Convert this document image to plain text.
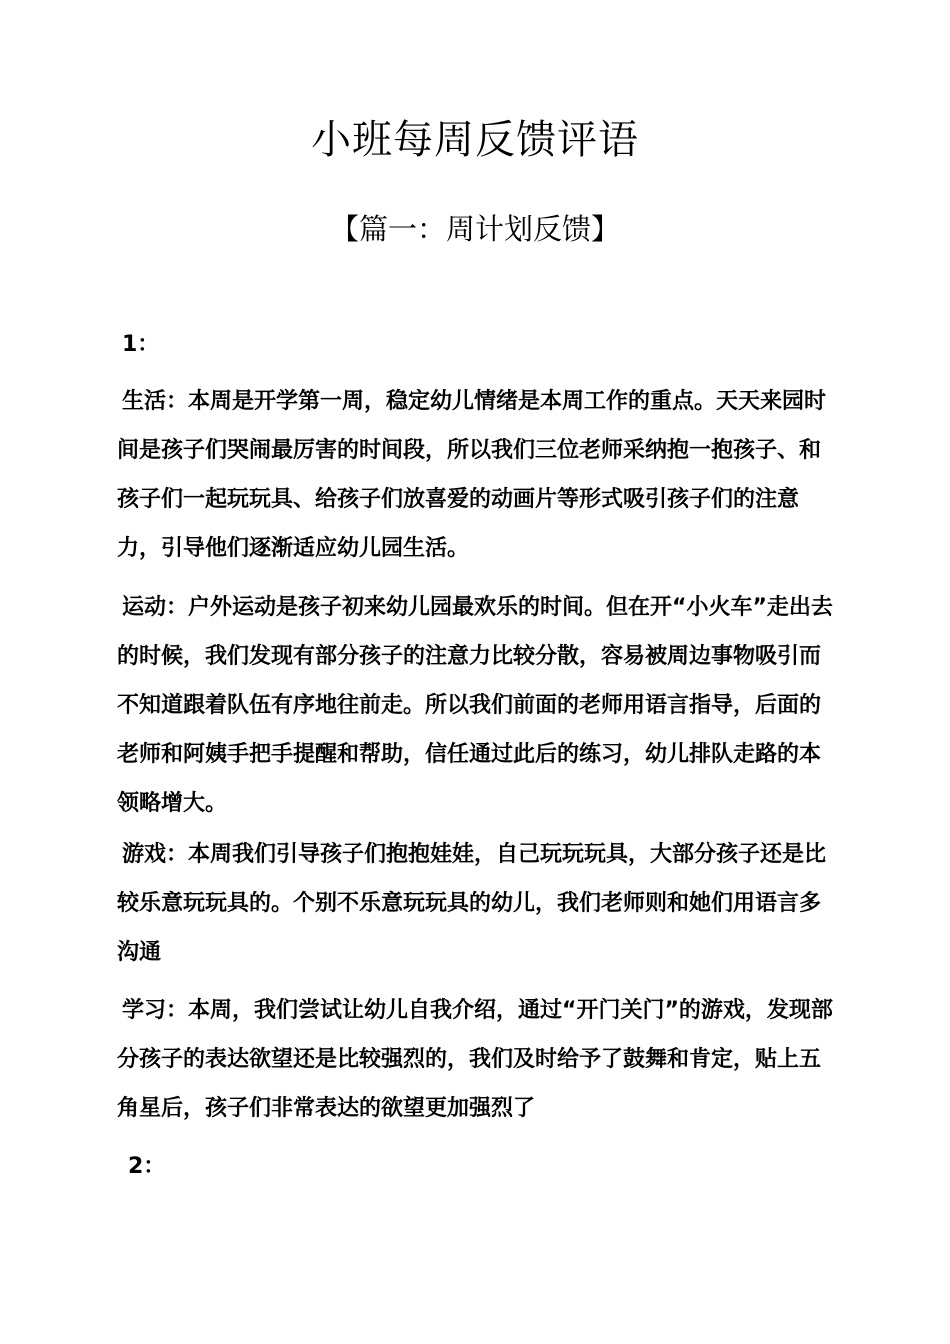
小班每周反馈评语
【篇一：周计划反馈】
1：
生活：本周是开学第一周，稳定幼儿情绪是本周工作的重点。天天来园时间是孩子们哭闹最厉害的时间段，所以我们三位老师采纳抱一抱孩子、和孩子们一起玩玩具、给孩子们放喜爱的动画片等形式吸引孩子们的注意力，引导他们逐渐适应幼儿园生活。
运动：户外运动是孩子初来幼儿园最欢乐的时间。但在开“小火车”走出去的时候，我们发现有部分孩子的注意力比较分散，容易被周边事物吸引而不知道跟着队伍有序地往前走。所以我们前面的老师用语言指导，后面的老师和阿姨手把手提醒和帮助，信任通过此后的练习，幼儿排队走路的本领略增大。
游戏：本周我们引导孩子们抱抱娃娃，自己玩玩玩具，大部分孩子还是比较乐意玩玩具的。个别不乐意玩玩具的幼儿，我们老师则和她们用语言多沟通
学习：本周，我们尝试让幼儿自我介绍，通过“开门关门”的游戏，发现部分孩子的表达欲望还是比较强烈的，我们及时给予了鼓舞和肯定，贴上五角星后，孩子们非常表达的欲望更加强烈了
2：
